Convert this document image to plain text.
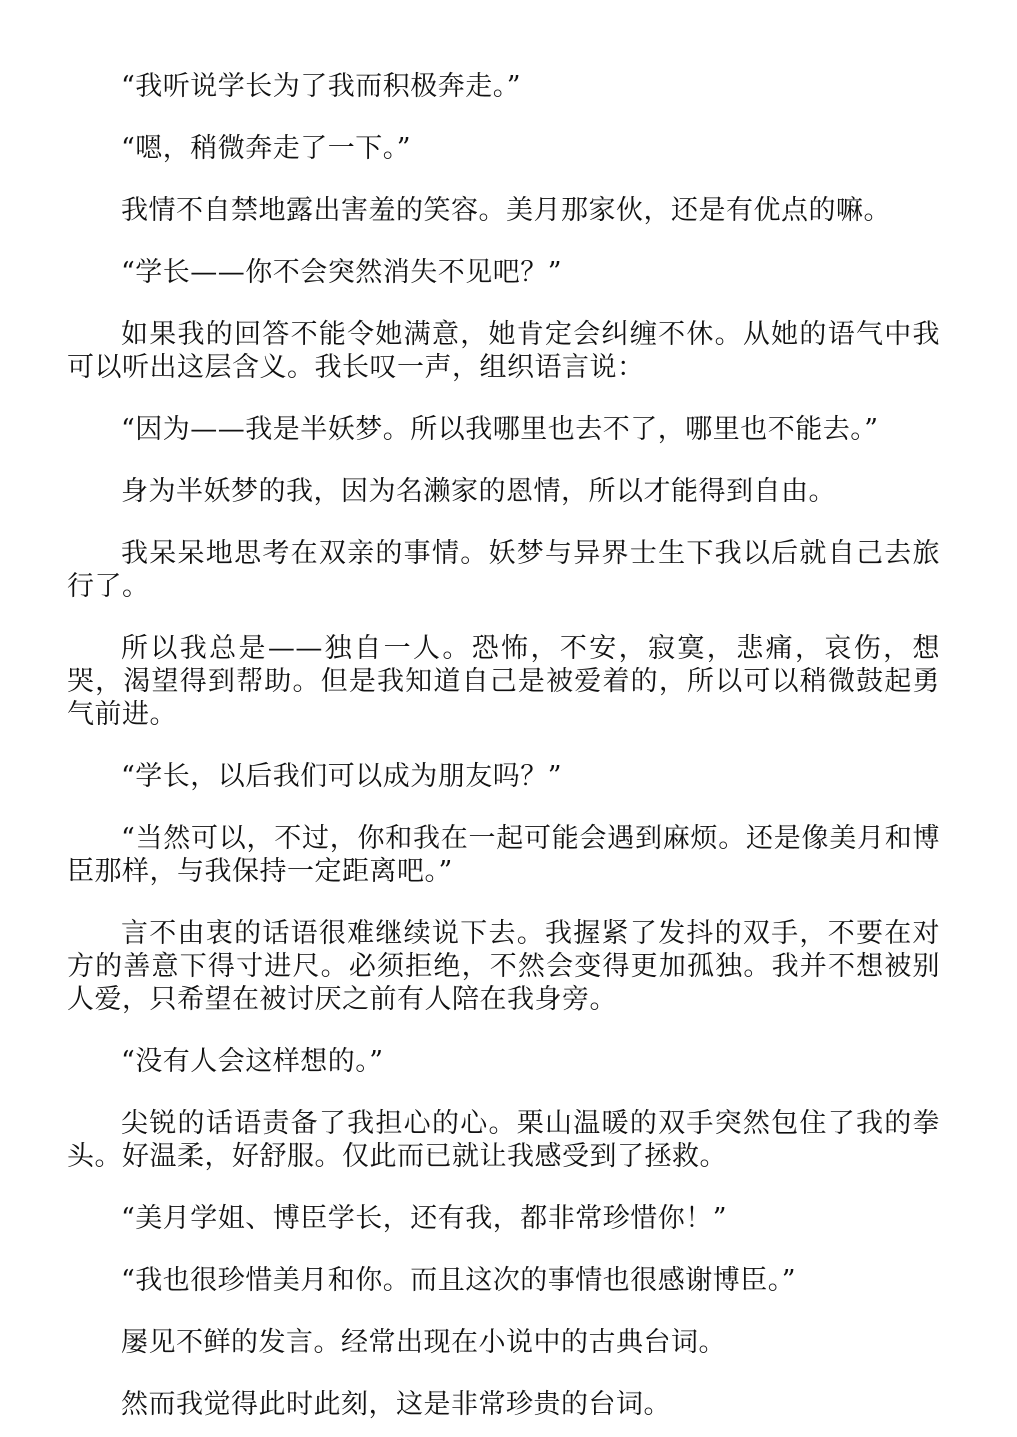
“我听说学长为了我而积极奔走。”

“嗯，稍微奔走了一下。”

我情不自禁地露出害羞的笑容。美月那家伙，还是有优点的嘛。

“学长——你不会突然消失不见吧？”

如果我的回答不能令她满意，她肯定会纠缠不休。从她的语气中我可以听出这层含义。我长叹一声，组织语言说：

“因为——我是半妖梦。所以我哪里也去不了，哪里也不能去。”

身为半妖梦的我，因为名濑家的恩情，所以才能得到自由。

我呆呆地思考在双亲的事情。妖梦与异界士生下我以后就自己去旅行了。

所以我总是——独自一人。恐怖，不安，寂寞，悲痛，哀伤，想哭，渴望得到帮助。但是我知道自己是被爱着的，所以可以稍微鼓起勇气前进。

“学长，以后我们可以成为朋友吗？”

“当然可以，不过，你和我在一起可能会遇到麻烦。还是像美月和博臣那样，与我保持一定距离吧。”

言不由衷的话语很难继续说下去。我握紧了发抖的双手，不要在对方的善意下得寸进尺。必须拒绝，不然会变得更加孤独。我并不想被别人爱，只希望在被讨厌之前有人陪在我身旁。

“没有人会这样想的。”

尖锐的话语责备了我担心的心。栗山温暖的双手突然包住了我的拳头。好温柔，好舒服。仅此而已就让我感受到了拯救。

“美月学姐、博臣学长，还有我，都非常珍惜你！”

“我也很珍惜美月和你。而且这次的事情也很感谢博臣。”

屡见不鲜的发言。经常出现在小说中的古典台词。

然而我觉得此时此刻，这是非常珍贵的台词。
